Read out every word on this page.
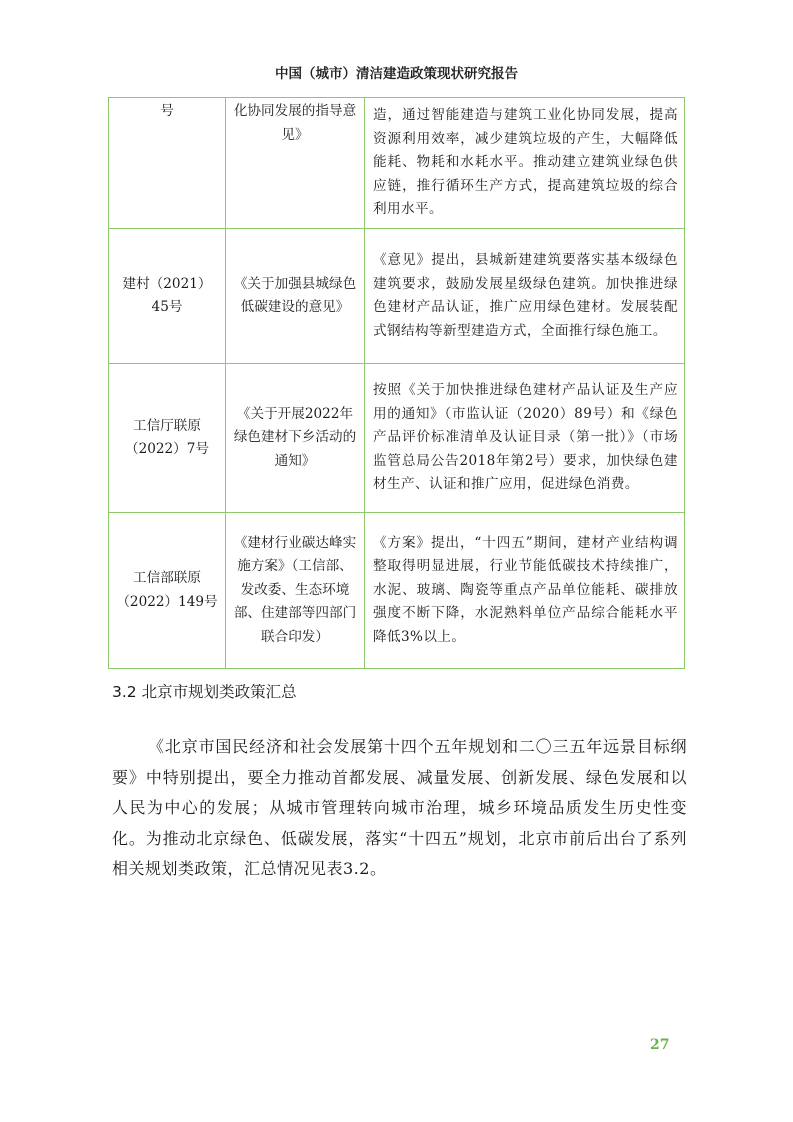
中国（城市）清洁建造政策现状研究报告
号	化协同发展的指导意见》	造，通过智能建造与建筑工业化协同发展，提高资源利用效率，减少建筑垃圾的产生，大幅降低能耗、物耗和水耗水平。推动建立建筑业绿色供应链，推行循环生产方式，提高建筑垃圾的综合利用水平。
建村（2021）45号	《关于加强县城绿色低碳建设的意见》	《意见》提出，县城新建建筑要落实基本级绿色建筑要求，鼓励发展星级绿色建筑。加快推进绿色建材产品认证，推广应用绿色建材。发展装配式钢结构等新型建造方式，全面推行绿色施工。
工信厅联原（2022）7号	《关于开展2022年绿色建材下乡活动的通知》	按照《关于加快推进绿色建材产品认证及生产应用的通知》（市监认证（2020）89号）和《绿色产品评价标准清单及认证目录（第一批）》（市场监管总局公告2018年第2号）要求，加快绿色建材生产、认证和推广应用，促进绿色消费。
工信部联原（2022）149号	《建材行业碳达峰实施方案》（工信部、发改委、生态环境部、住建部等四部门联合印发）	《方案》提出，“十四五”期间，建材产业结构调整取得明显进展，行业节能低碳技术持续推广，水泥、玻璃、陶瓷等重点产品单位能耗、碳排放强度不断下降，水泥熟料单位产品综合能耗水平降低3%以上。
3.2 北京市规划类政策汇总

《北京市国民经济和社会发展第十四个五年规划和二〇三五年远景目标纲要》中特别提出，要全力推动首都发展、减量发展、创新发展、绿色发展和以人民为中心的发展；从城市管理转向城市治理，城乡环境品质发生历史性变化。为推动北京绿色、低碳发展，落实“十四五”规划，北京市前后出台了系列相关规划类政策，汇总情况见表3.2。

27
